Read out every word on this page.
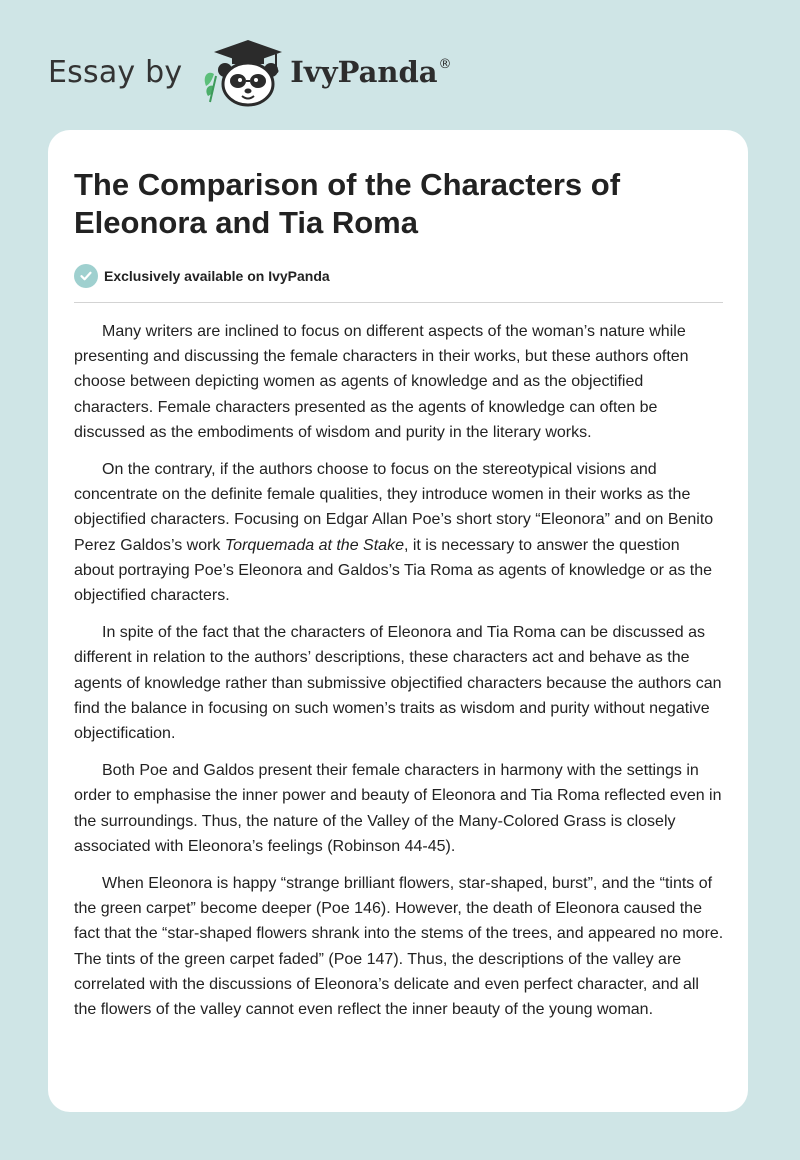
Essay by	IvyPanda®
The Comparison of the Characters of Eleonora and Tia Roma
Exclusively available on IvyPanda

Many writers are inclined to focus on different aspects of the woman’s nature while presenting and discussing the female characters in their works, but these authors often choose between depicting women as agents of knowledge and as the objectified characters. Female characters presented as the agents of knowledge can often be discussed as the embodiments of wisdom and purity in the literary works.

On the contrary, if the authors choose to focus on the stereotypical visions and concentrate on the definite female qualities, they introduce women in their works as the objectified characters. Focusing on Edgar Allan Poe’s short story “Eleonora” and on Benito Perez Galdos’s work Torquemada at the Stake, it is necessary to answer the question about portraying Poe’s Eleonora and Galdos’s Tia Roma as agents of knowledge or as the objectified characters.

In spite of the fact that the characters of Eleonora and Tia Roma can be discussed as different in relation to the authors’ descriptions, these characters act and behave as the agents of knowledge rather than submissive objectified characters because the authors can find the balance in focusing on such women’s traits as wisdom and purity without negative objectification.

Both Poe and Galdos present their female characters in harmony with the settings in order to emphasise the inner power and beauty of Eleonora and Tia Roma reflected even in the surroundings. Thus, the nature of the Valley of the Many-Colored Grass is closely associated with Eleonora’s feelings (Robinson 44-45).

When Eleonora is happy “strange brilliant flowers, star-shaped, burst”, and the “tints of the green carpet” become deeper (Poe 146). However, the death of Eleonora caused the fact that the “star-shaped flowers shrank into the stems of the trees, and appeared no more. The tints of the green carpet faded” (Poe 147). Thus, the descriptions of the valley are correlated with the discussions of Eleonora’s delicate and even perfect character, and all the flowers of the valley cannot even reflect the inner beauty of the young woman.
